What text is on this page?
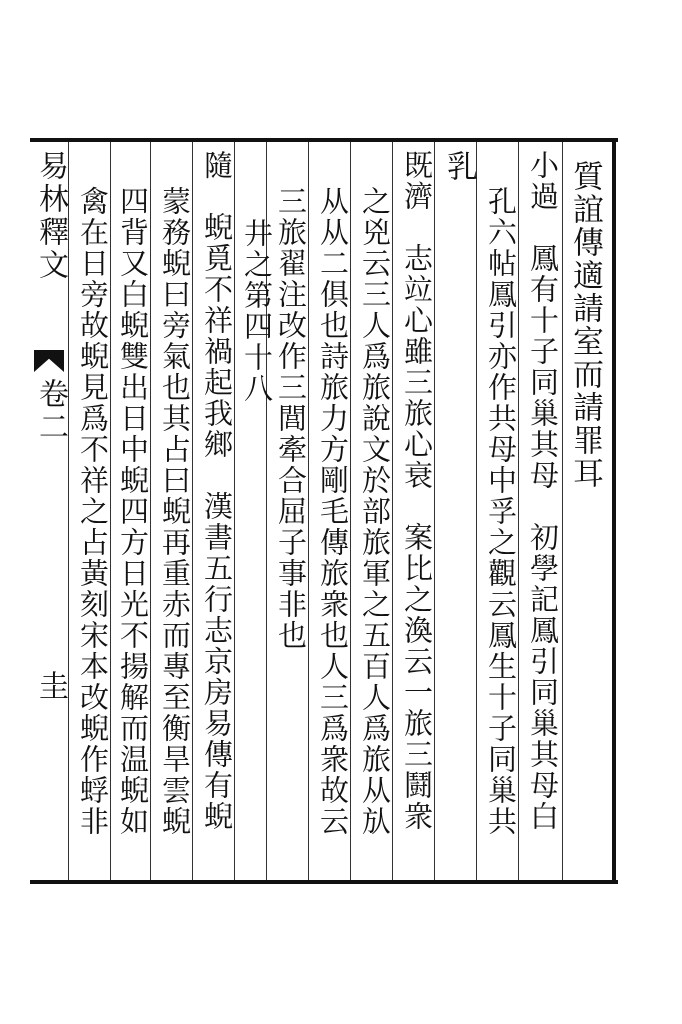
質誼傳適請室而請罪耳
小過　鳳有十子同巢其母　初學記鳳引同巢其母白
孔六帖鳳引亦作共母中孚之觀云鳳生十子同巢共
乳
既濟　志竝心雖三旅心衰　案比之渙云一旅三鬪衆
之兇云三人爲旅說文於部旅軍之五百人爲旅从㫃
从从二俱也詩旅力方剛毛傳旅衆也人三爲衆故云
三旅翟注改作三閭牽合屈子事非也
井之第四十八
隨　蜺覓不祥禍起我鄉　漢書五行志京房易傳有蜺
蒙務蜺曰旁氣也其占曰蜺再重赤而專至衡旱雲蜺
四背又白蜺雙出日中蜺四方日光不揚解而温蜺如
禽在日旁故蜺見爲不祥之占黃刻宋本改蜺作蜉非
易林釋文
卷二
圭
